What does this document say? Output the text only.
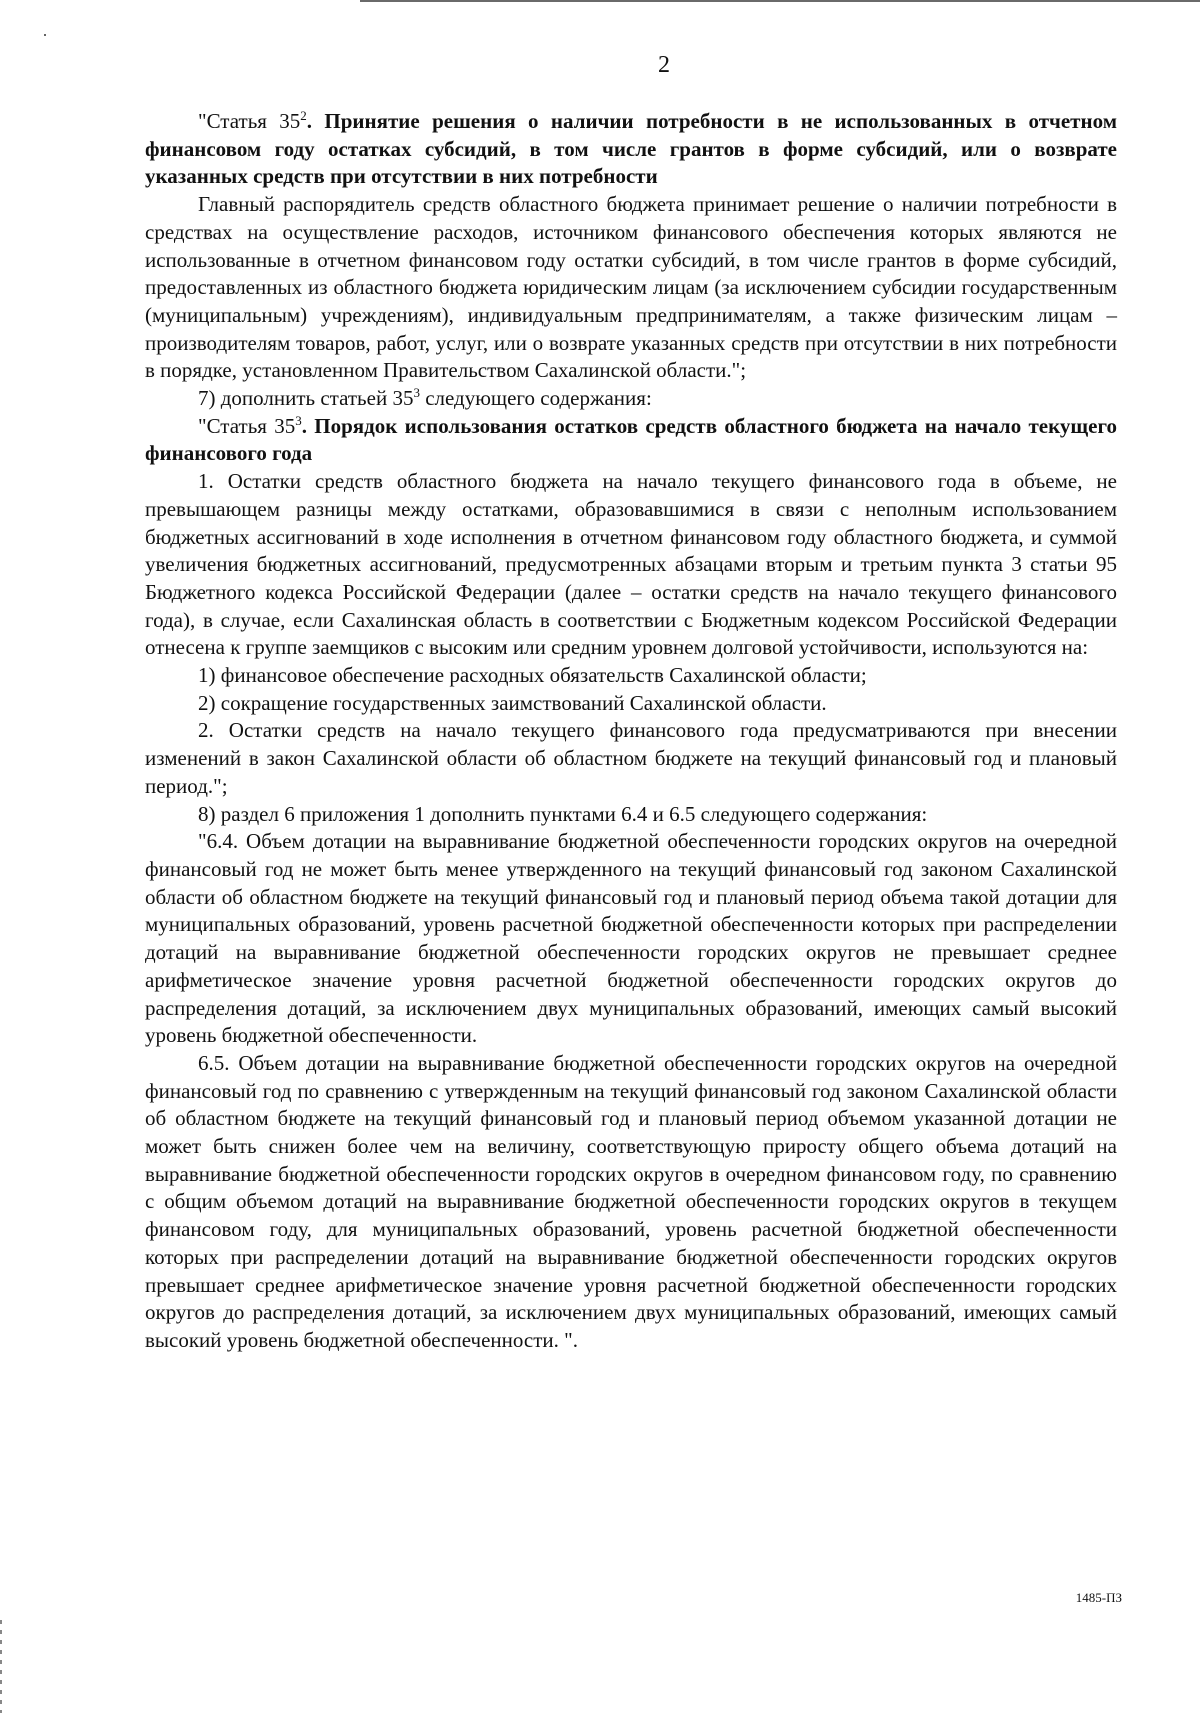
2

"Статья $35^2$. Принятие решения о наличии потребности в не использованных в отчетном финансовом году остатках субсидий, в том числе грантов в форме субсидий, или о возврате указанных средств при отсутствии в них потребности

Главный распорядитель средств областного бюджета принимает решение о наличии потребности в средствах на осуществление расходов, источником финансового обеспечения которых являются не использованные в отчетном финансовом году остатки субсидий, в том числе грантов в форме субсидий, предоставленных из областного бюджета юридическим лицам (за исключением субсидии государственным (муниципальным) учреждениям), индивидуальным предпринимателям, а также физическим лицам – производителям товаров, работ, услуг, или о возврате указанных средств при отсутствии в них потребности в порядке, установленном Правительством Сахалинской области.";

7) дополнить статьей $35^3$ следующего содержания:

"Статья $35^3$. Порядок использования остатков средств областного бюджета на начало текущего финансового года

1. Остатки средств областного бюджета на начало текущего финансового года в объеме, не превышающем разницы между остатками, образовавшимися в связи с неполным использованием бюджетных ассигнований в ходе исполнения в отчетном финансовом году областного бюджета, и суммой увеличения бюджетных ассигнований, предусмотренных абзацами вторым и третьим пункта 3 статьи 95 Бюджетного кодекса Российской Федерации (далее – остатки средств на начало текущего финансового года), в случае, если Сахалинская область в соответствии с Бюджетным кодексом Российской Федерации отнесена к группе заемщиков с высоким или средним уровнем долговой устойчивости, используются на:

1) финансовое обеспечение расходных обязательств Сахалинской области;

2) сокращение государственных заимствований Сахалинской области.

2. Остатки средств на начало текущего финансового года предусматриваются при внесении изменений в закон Сахалинской области об областном бюджете на текущий финансовый год и плановый период.";

8) раздел 6 приложения 1 дополнить пунктами 6.4 и 6.5 следующего содержания:

"6.4. Объем дотации на выравнивание бюджетной обеспеченности городских округов на очередной финансовый год не может быть менее утвержденного на текущий финансовый год законом Сахалинской области об областном бюджете на текущий финансовый год и плановый период объема такой дотации для муниципальных образований, уровень расчетной бюджетной обеспеченности которых при распределении дотаций на выравнивание бюджетной обеспеченности городских округов не превышает среднее арифметическое значение уровня расчетной бюджетной обеспеченности городских округов до распределения дотаций, за исключением двух муниципальных образований, имеющих самый высокий уровень бюджетной обеспеченности.

6.5. Объем дотации на выравнивание бюджетной обеспеченности городских округов на очередной финансовый год по сравнению с утвержденным на текущий финансовый год законом Сахалинской области об областном бюджете на текущий финансовый год и плановый период объемом указанной дотации не может быть снижен более чем на величину, соответствующую приросту общего объема дотаций на выравнивание бюджетной обеспеченности городских округов в очередном финансовом году, по сравнению с общим объемом дотаций на выравнивание бюджетной обеспеченности городских округов в текущем финансовом году, для муниципальных образований, уровень расчетной бюджетной обеспеченности которых при распределении дотаций на выравнивание бюджетной обеспеченности городских округов превышает среднее арифметическое значение уровня расчетной бюджетной обеспеченности городских округов до распределения дотаций, за исключением двух муниципальных образований, имеющих самый высокий уровень бюджетной обеспеченности. ".

1485-ПЗ
